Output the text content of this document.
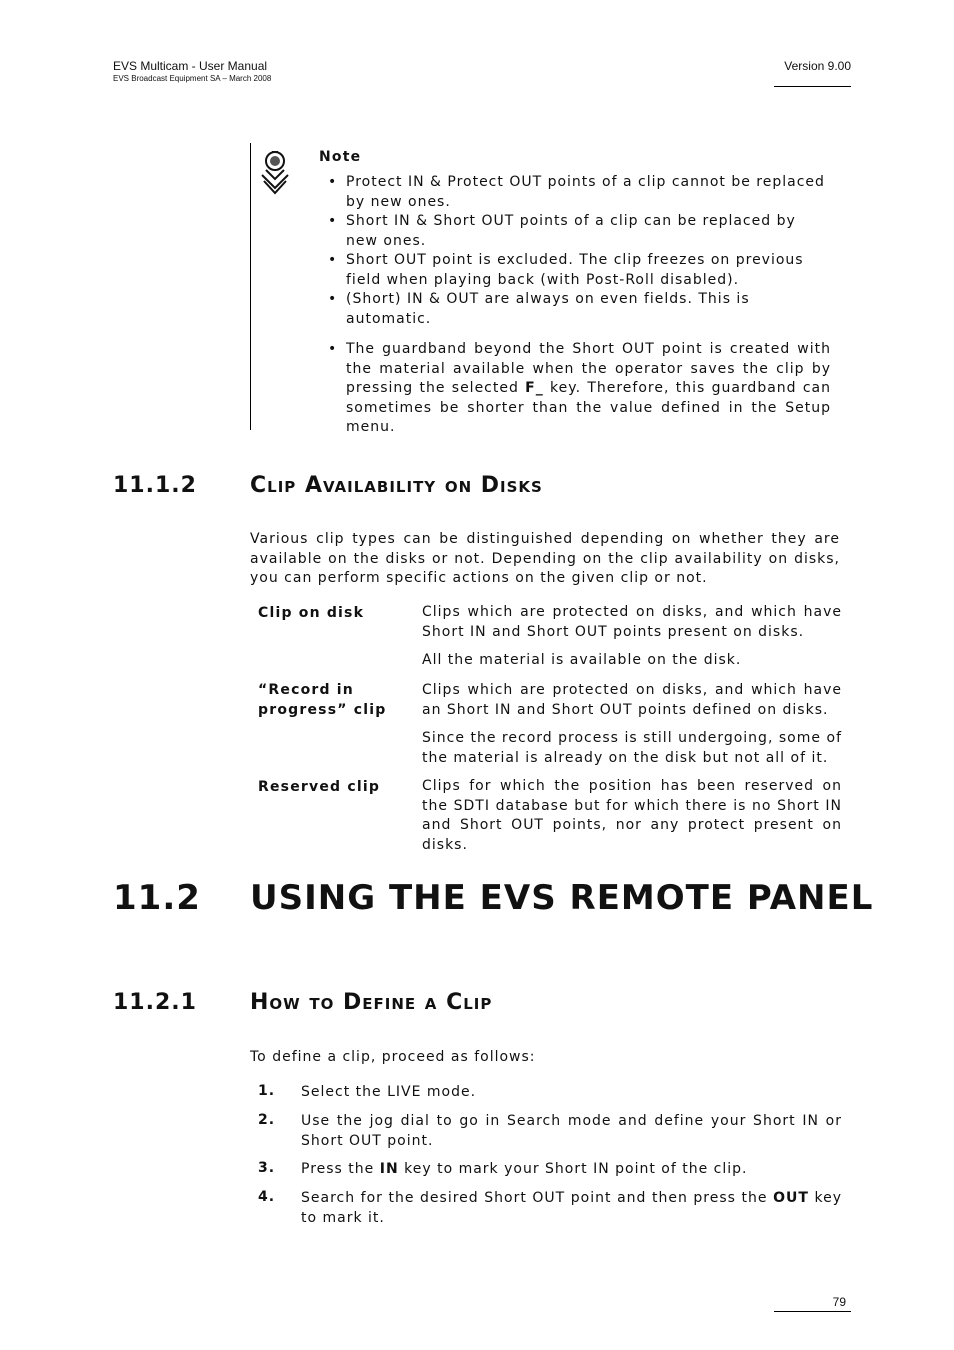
EVS Multicam - User Manual
EVS Broadcast Equipment SA – March 2008
Version 9.00
Note
• Protect IN & Protect OUT points of a clip cannot be replaced by new ones.
• Short IN & Short OUT points of a clip can be replaced by new ones.
• Short OUT point is excluded. The clip freezes on previous field when playing back (with Post-Roll disabled).
• (Short) IN & OUT are always on even fields. This is automatic.
• The guardband beyond the Short OUT point is created with the material available when the operator saves the clip by pressing the selected F_ key. Therefore, this guardband can sometimes be shorter than the value defined in the Setup menu.
11.1.2 Clip Availability on Disks
Various clip types can be distinguished depending on whether they are available on the disks or not. Depending on the clip availability on disks, you can perform specific actions on the given clip or not.
Clip on disk	Clips which are protected on disks, and which have Short IN and Short OUT points present on disks.
All the material is available on the disk.
“Record in progress” clip
Clips which are protected on disks, and which have an Short IN and Short OUT points defined on disks.
Since the record process is still undergoing, some of the material is already on the disk but not all of it.
Reserved clip	Clips for which the position has been reserved on the SDTI database but for which there is no Short IN and Short OUT points, nor any protect present on disks.
11.2 USING THE EVS REMOTE PANEL
11.2.1 How to Define a Clip
To define a clip, proceed as follows:
1. Select the LIVE mode.
2. Use the jog dial to go in Search mode and define your Short IN or Short OUT point.
3. Press the IN key to mark your Short IN point of the clip.
4. Search for the desired Short OUT point and then press the OUT key to mark it.
79
